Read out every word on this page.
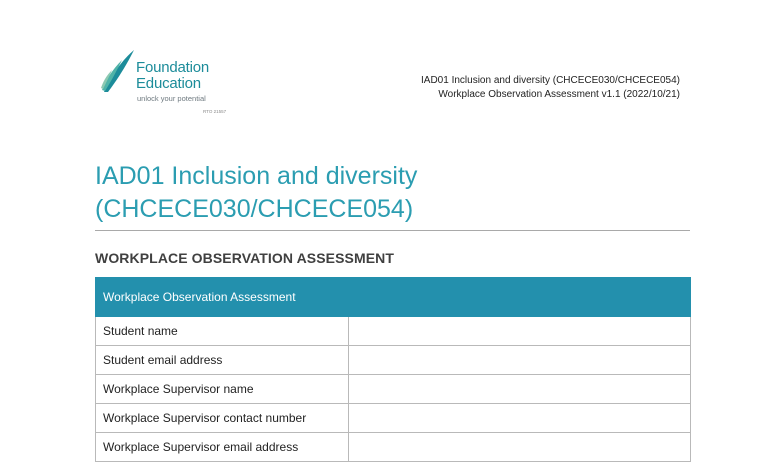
Foundation
Education
unlock your potential
RTO 21557
IAD01 Inclusion and diversity (CHCECE030/CHCECE054)
Workplace Observation Assessment v1.1 (2022/10/21)
IAD01 Inclusion and diversity
(CHCECE030/CHCECE054)
WORKPLACE OBSERVATION ASSESSMENT
Workplace Observation Assessment	
Student name	
Student email address	
Workplace Supervisor name	
Workplace Supervisor contact number	
Workplace Supervisor email address	
